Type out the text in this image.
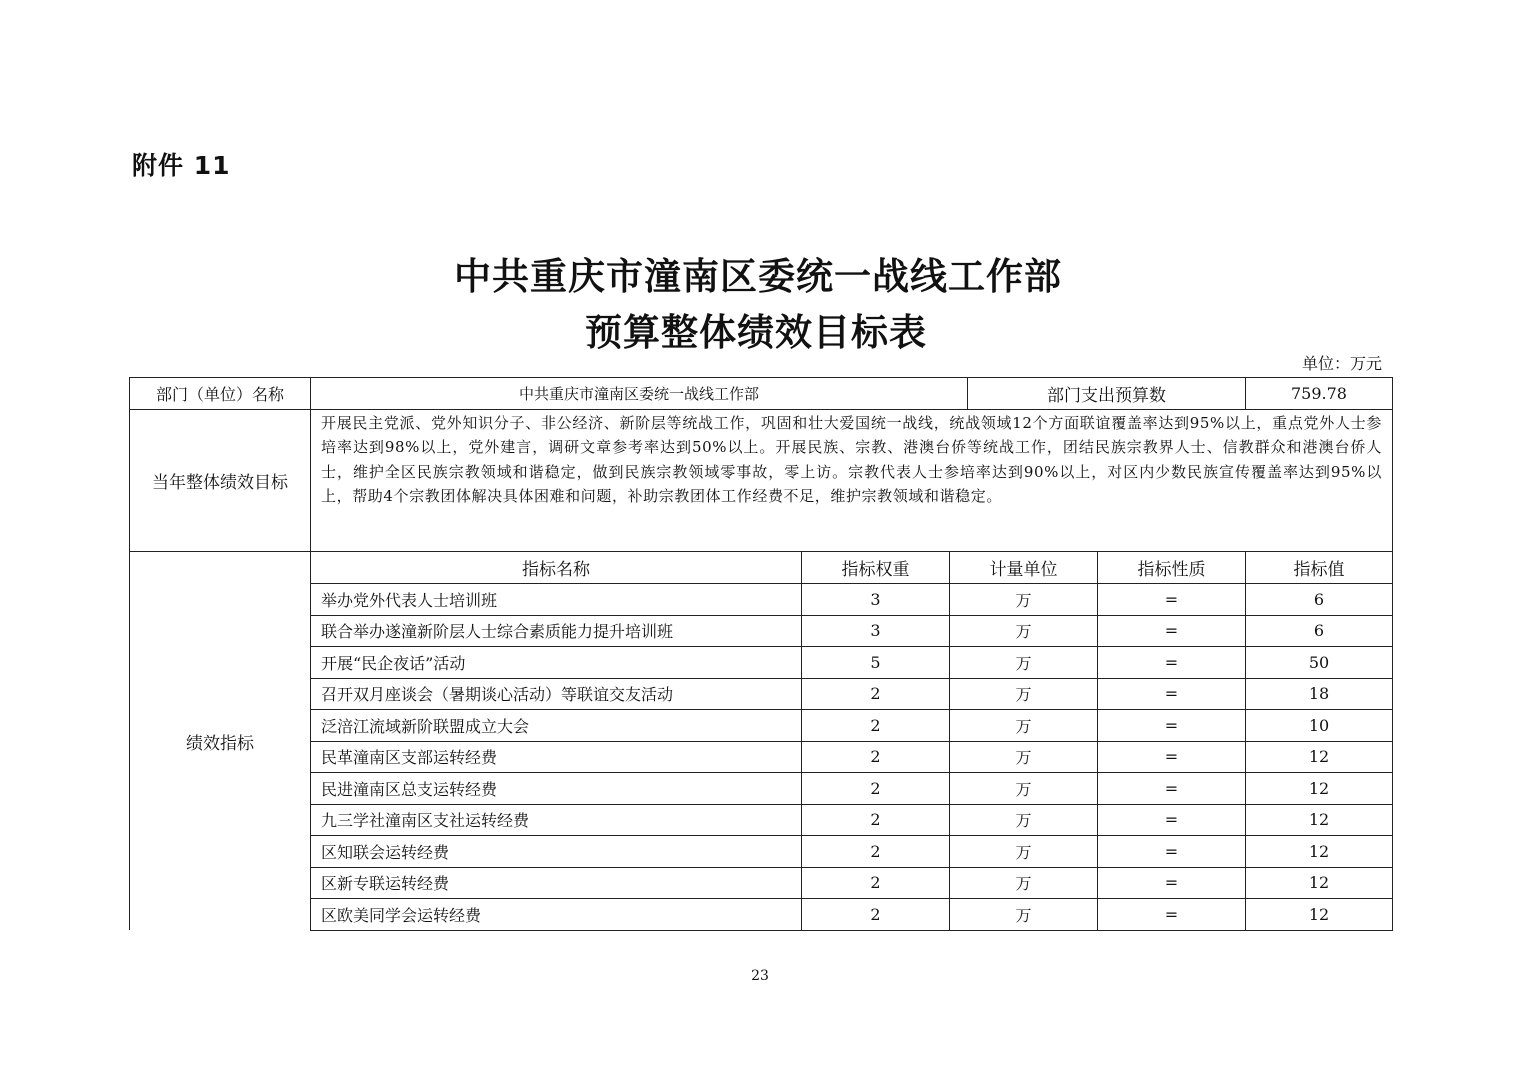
附件 11
中共重庆市潼南区委统一战线工作部
预算整体绩效目标表
单位：万元
部门（单位）名称	中共重庆市潼南区委统一战线工作部			部门支出预算数		759.78
当年整体绩效目标	开展民主党派、党外知识分子、非公经济、新阶层等统战工作，巩固和壮大爱国统一战线，统战领域12个方面联谊覆盖率达到95%以上，重点党外人士参培率达到98%以上，党外建言，调研文章参考率达到50%以上。开展民族、宗教、港澳台侨等统战工作，团结民族宗教界人士、信教群众和港澳台侨人士，维护全区民族宗教领域和谐稳定，做到民族宗教领域零事故，零上访。宗教代表人士参培率达到90%以上，对区内少数民族宣传覆盖率达到95%以上，帮助4个宗教团体解决具体困难和问题，补助宗教团体工作经费不足，维护宗教领域和谐稳定。					
绩效指标	指标名称	指标权重	计量单位		指标性质	指标值
	举办党外代表人士培训班	3	万		=	6
	联合举办遂潼新阶层人士综合素质能力提升培训班	3	万		=	6
	开展“民企夜话”活动	5	万		=	50
	召开双月座谈会（暑期谈心活动）等联谊交友活动	2	万		=	18
	泛涪江流域新阶联盟成立大会	2	万		=	10
	民革潼南区支部运转经费	2	万		=	12
	民进潼南区总支运转经费	2	万		=	12
	九三学社潼南区支社运转经费	2	万		=	12
	区知联会运转经费	2	万		=	12
	区新专联运转经费	2	万		=	12
	区欧美同学会运转经费	2	万		=	12
23
